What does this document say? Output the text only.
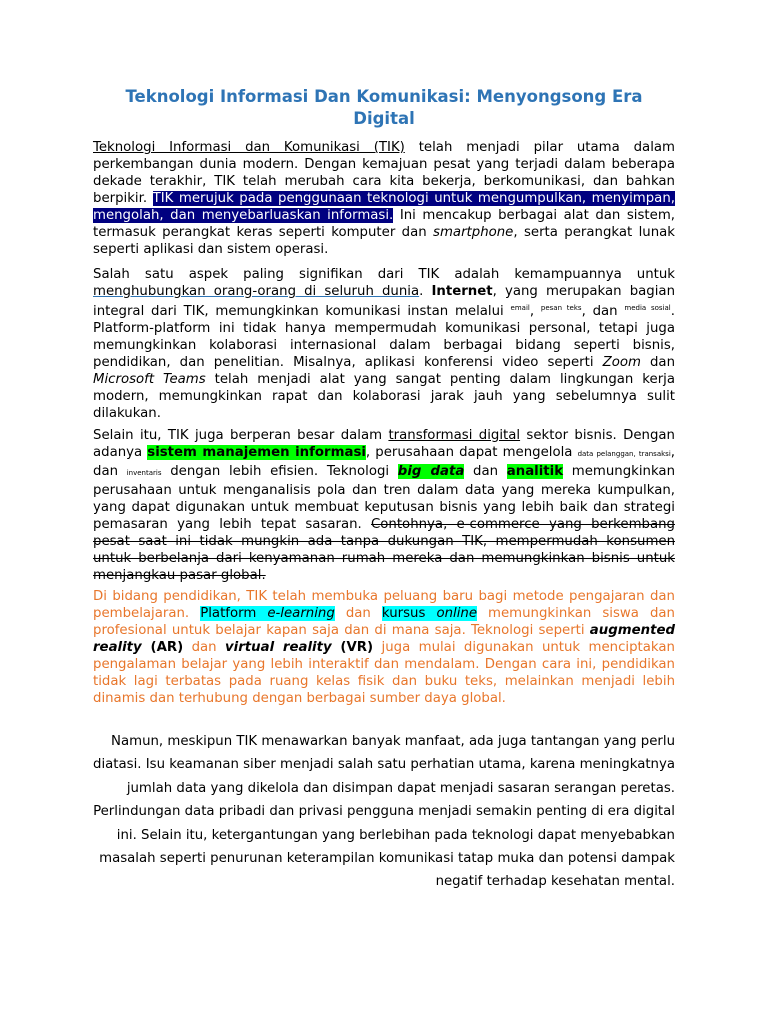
Teknologi Informasi Dan Komunikasi: Menyongsong Era Digital

Teknologi Informasi dan Komunikasi (TIK) telah menjadi pilar utama dalam perkembangan dunia modern. Dengan kemajuan pesat yang terjadi dalam beberapa dekade terakhir, TIK telah merubah cara kita bekerja, berkomunikasi, dan bahkan berpikir. TIK merujuk pada penggunaan teknologi untuk mengumpulkan, menyimpan, mengolah, dan menyebarluaskan informasi. Ini mencakup berbagai alat dan sistem, termasuk perangkat keras seperti komputer dan smartphone, serta perangkat lunak seperti aplikasi dan sistem operasi.

Salah satu aspek paling signifikan dari TIK adalah kemampuannya untuk menghubungkan orang-orang di seluruh dunia. Internet, yang merupakan bagian integral dari TIK, memungkinkan komunikasi instan melalui $^{email}$, $^{pesan teks}$, dan $^{media sosial}$. Platform-platform ini tidak hanya mempermudah komunikasi personal, tetapi juga memungkinkan kolaborasi internasional dalam berbagai bidang seperti bisnis, pendidikan, dan penelitian. Misalnya, aplikasi konferensi video seperti Zoom dan Microsoft Teams telah menjadi alat yang sangat penting dalam lingkungan kerja modern, memungkinkan rapat dan kolaborasi jarak jauh yang sebelumnya sulit dilakukan.

Selain itu, TIK juga berperan besar dalam transformasi digital sektor bisnis. Dengan adanya sistem manajemen informasi, perusahaan dapat mengelola data pelanggan, transaksi, dan inventaris dengan lebih efisien. Teknologi big data dan analitik memungkinkan perusahaan untuk menganalisis pola dan tren dalam data yang mereka kumpulkan, yang dapat digunakan untuk membuat keputusan bisnis yang lebih baik dan strategi pemasaran yang lebih tepat sasaran. Contohnya, e-commerce yang berkembang pesat saat ini tidak mungkin ada tanpa dukungan TIK, mempermudah konsumen untuk berbelanja dari kenyamanan rumah mereka dan memungkinkan bisnis untuk menjangkau pasar global.

Di bidang pendidikan, TIK telah membuka peluang baru bagi metode pengajaran dan pembelajaran. Platform e-learning dan kursus online memungkinkan siswa dan profesional untuk belajar kapan saja dan di mana saja. Teknologi seperti augmented reality (AR) dan virtual reality (VR) juga mulai digunakan untuk menciptakan pengalaman belajar yang lebih interaktif dan mendalam. Dengan cara ini, pendidikan tidak lagi terbatas pada ruang kelas fisik dan buku teks, melainkan menjadi lebih dinamis dan terhubung dengan berbagai sumber daya global.

Namun, meskipun TIK menawarkan banyak manfaat, ada juga tantangan yang perlu diatasi. Isu keamanan siber menjadi salah satu perhatian utama, karena meningkatnya jumlah data yang dikelola dan disimpan dapat menjadi sasaran serangan peretas. Perlindungan data pribadi dan privasi pengguna menjadi semakin penting di era digital ini. Selain itu, ketergantungan yang berlebihan pada teknologi dapat menyebabkan masalah seperti penurunan keterampilan komunikasi tatap muka dan potensi dampak negatif terhadap kesehatan mental.
